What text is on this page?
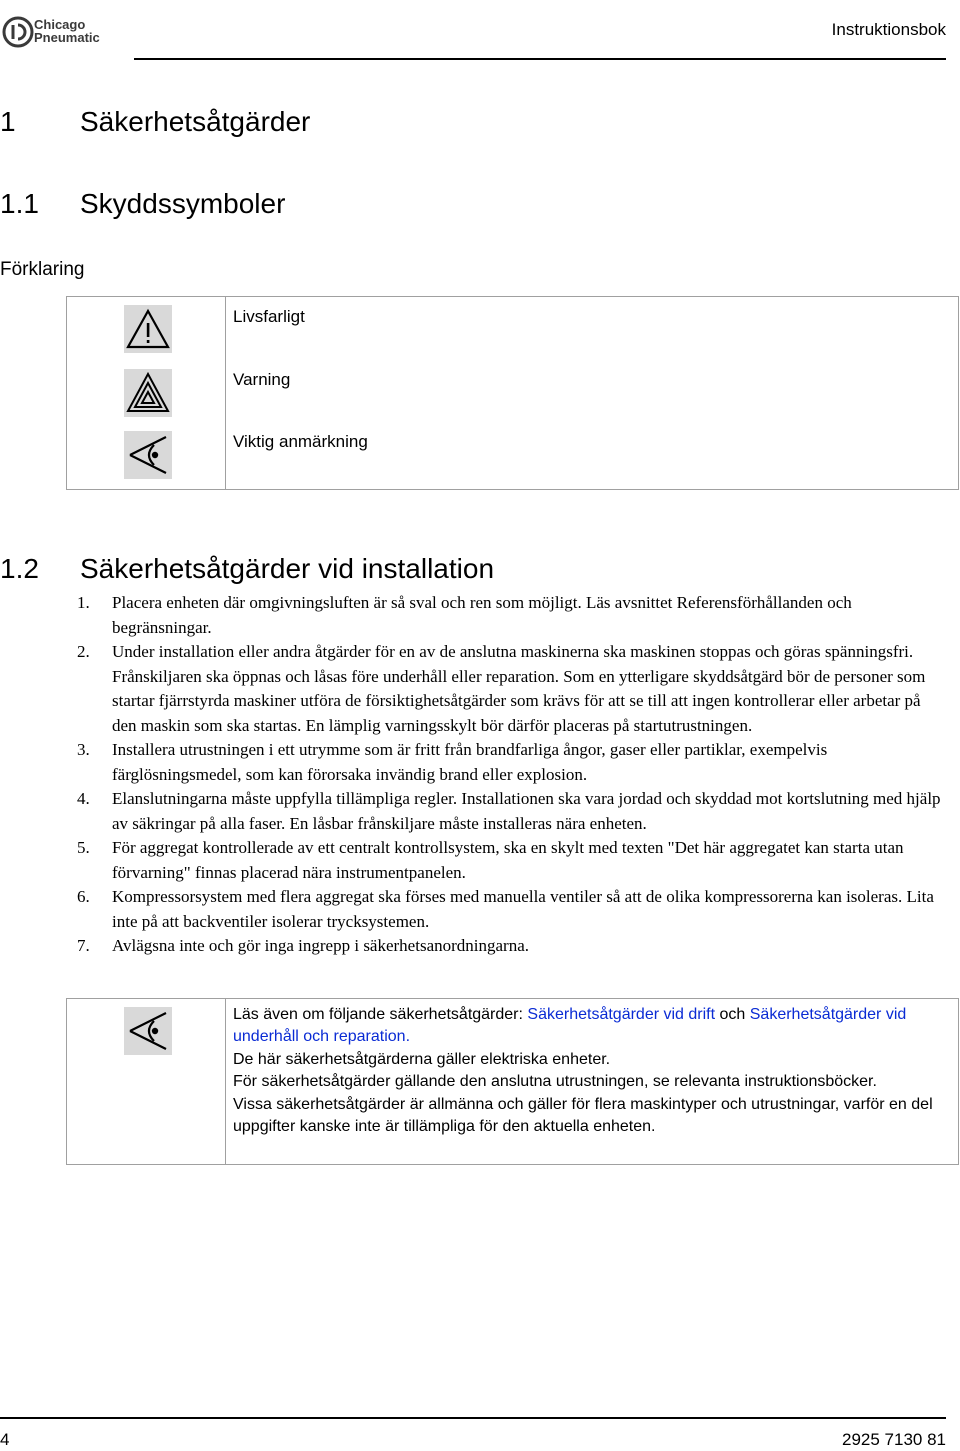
Chicago
Pneumatic	Instruktionsbok
1 Säkerhetsåtgärder
1.1 Skyddssymboler
Förklaring
Livsfarligt
Varning
Viktig anmärkning
1.2 Säkerhetsåtgärder vid installation
1.	Placera enheten där omgivningsluften är så sval och ren som möjligt. Läs avsnittet Referensförhållanden och begränsningar.
2.	Under installation eller andra åtgärder för en av de anslutna maskinerna ska maskinen stoppas och göras spänningsfri. Frånskiljaren ska öppnas och låsas före underhåll eller reparation. Som en ytterligare skyddsåtgärd bör de personer som startar fjärrstyrda maskiner utföra de försiktighetsåtgärder som krävs för att se till att ingen kontrollerar eller arbetar på den maskin som ska startas. En lämplig varningsskylt bör därför placeras på startutrustningen.
3.	Installera utrustningen i ett utrymme som är fritt från brandfarliga ångor, gaser eller partiklar, exempelvis färglösningsmedel, som kan förorsaka invändig brand eller explosion.
4.	Elanslutningarna måste uppfylla tillämpliga regler. Installationen ska vara jordad och skyddad mot kortslutning med hjälp av säkringar på alla faser. En låsbar frånskiljare måste installeras nära enheten.
5.	För aggregat kontrollerade av ett centralt kontrollsystem, ska en skylt med texten "Det här aggregatet kan starta utan förvarning" finnas placerad nära instrumentpanelen.
6.	Kompressorsystem med flera aggregat ska förses med manuella ventiler så att de olika kompressorerna kan isoleras. Lita inte på att backventiler isolerar trycksystemen.
7.	Avlägsna inte och gör inga ingrepp i säkerhetsanordningarna.

Läs även om följande säkerhetsåtgärder: Säkerhetsåtgärder vid drift och Säkerhetsåtgärder vid underhåll och reparation.

De här säkerhetsåtgärderna gäller elektriska enheter.

För säkerhetsåtgärder gällande den anslutna utrustningen, se relevanta instruktionsböcker.

Vissa säkerhetsåtgärder är allmänna och gäller för flera maskintyper och utrustningar, varför en del uppgifter kanske inte är tillämpliga för den aktuella enheten.

4	2925 7130 81
